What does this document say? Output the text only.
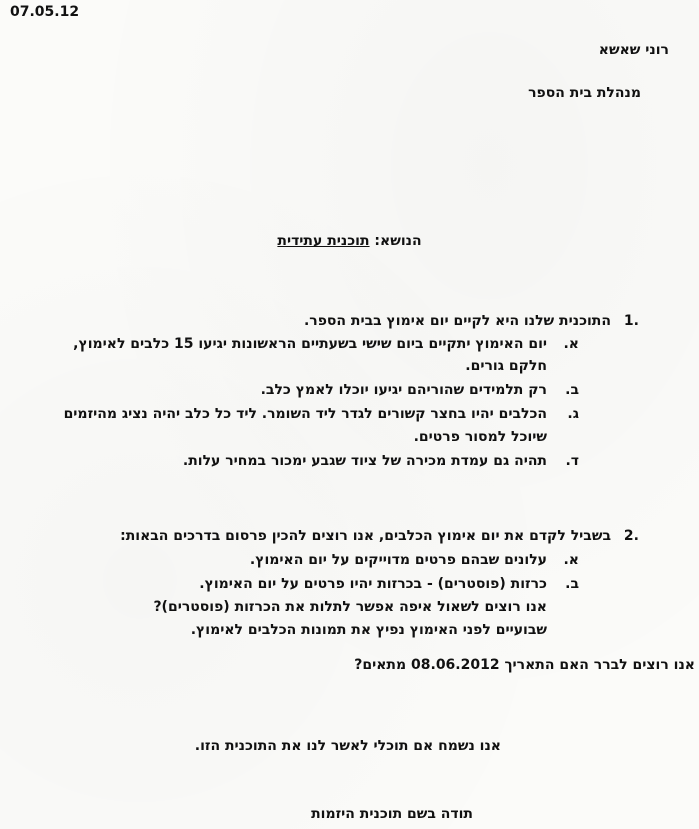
07.05.12
רוני שאשא
מנהלת בית הספר
הנושא: תוכנית עתידית
.1
התוכנית שלנו היא לקיים יום אימוץ בבית הספר.
א.
יום האימוץ יתקיים ביום שישי בשעתיים הראשונות יגיעו 15 כלבים לאימוץ,
חלקם גורים.
ב.
רק תלמידים שהוריהם יגיעו יוכלו לאמץ כלב.
ג.
הכלבים יהיו בחצר קשורים לגדר ליד השומר. ליד כל כלב יהיה נציג מהיזמים
שיוכל למסור פרטים.
ד.
תהיה גם עמדת מכירה של ציוד שגבע ימכור במחיר עלות.
.2
בשביל לקדם את יום אימוץ הכלבים, אנו רוצים להכין פרסום בדרכים הבאות:
א.
עלונים שבהם פרטים מדוייקים על יום האימוץ.
ב.
כרזות (פוסטרים) - בכרזות יהיו פרטים על יום האימוץ.
אנו רוצים לשאול איפה אפשר לתלות את הכרזות (פוסטרים)?
שבועיים לפני האימוץ נפיץ את תמונות הכלבים לאימוץ.
אנו רוצים לברר האם התאריך 08.06.2012 מתאים?
אנו נשמח אם תוכלי לאשר לנו את התוכנית הזו.
תודה בשם תוכנית היזמות
